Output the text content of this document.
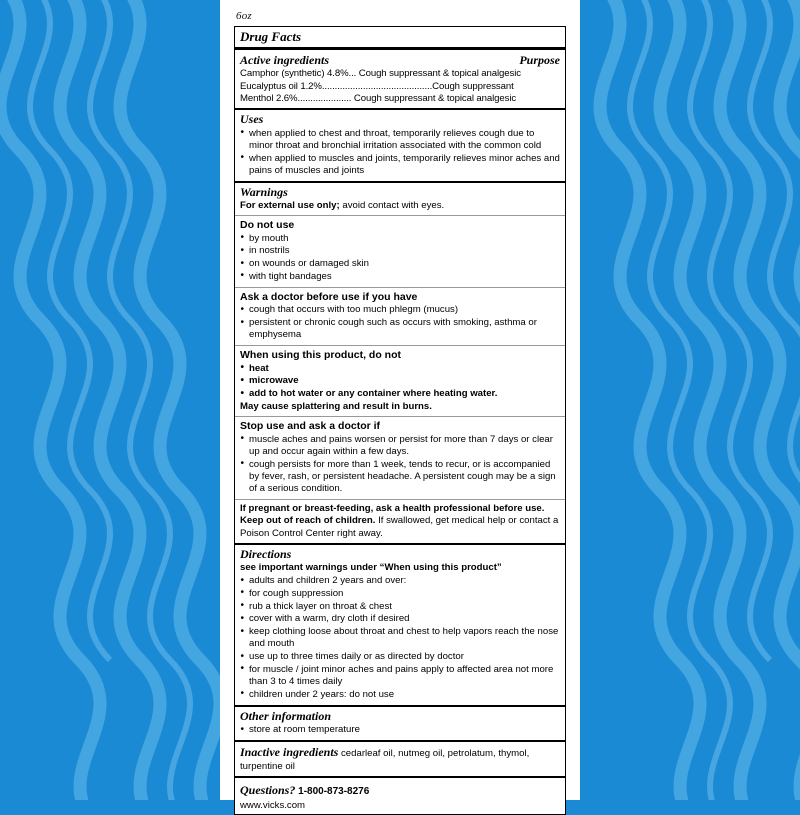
6oz
Drug Facts
Active ingredients	Purpose
Camphor (synthetic) 4.8%... Cough suppressant & topical analgesic
Eucalyptus oil 1.2%...........................................Cough suppressant
Menthol 2.6%..................... Cough suppressant & topical analgesic
Uses
• when applied to chest and throat, temporarily relieves cough due to minor throat and bronchial irritation associated with the common cold
• when applied to muscles and joints, temporarily relieves minor aches and pains of muscles and joints
Warnings
For external use only; avoid contact with eyes.
Do not use
• by mouth
• in nostrils
• on wounds or damaged skin
• with tight bandages
Ask a doctor before use if you have
• cough that occurs with too much phlegm (mucus)
• persistent or chronic cough such as occurs with smoking, asthma or emphysema
When using this product, do not
• heat
• microwave
• add to hot water or any container where heating water.
May cause splattering and result in burns.
Stop use and ask a doctor if
• muscle aches and pains worsen or persist for more than 7 days or clear up and occur again within a few days.
• cough persists for more than 1 week, tends to recur, or is accompanied by fever, rash, or persistent headache. A persistent cough may be a sign of a serious condition.
If pregnant or breast-feeding, ask a health professional before use.
Keep out of reach of children. If swallowed, get medical help or contact a Poison Control Center right away.
Directions
see important warnings under “When using this product”
• adults and children 2 years and over:
• for cough suppression
• rub a thick layer on throat & chest
• cover with a warm, dry cloth if desired
• keep clothing loose about throat and chest to help vapors reach the nose and mouth
• use up to three times daily or as directed by doctor
• for muscle / joint minor aches and pains apply to affected area not more than 3 to 4 times daily
• children under 2 years: do not use
Other information
• store at room temperature
Inactive ingredients cedarleaf oil, nutmeg oil, petrolatum, thymol, turpentine oil
Questions? 1-800-873-8276
www.vicks.com
